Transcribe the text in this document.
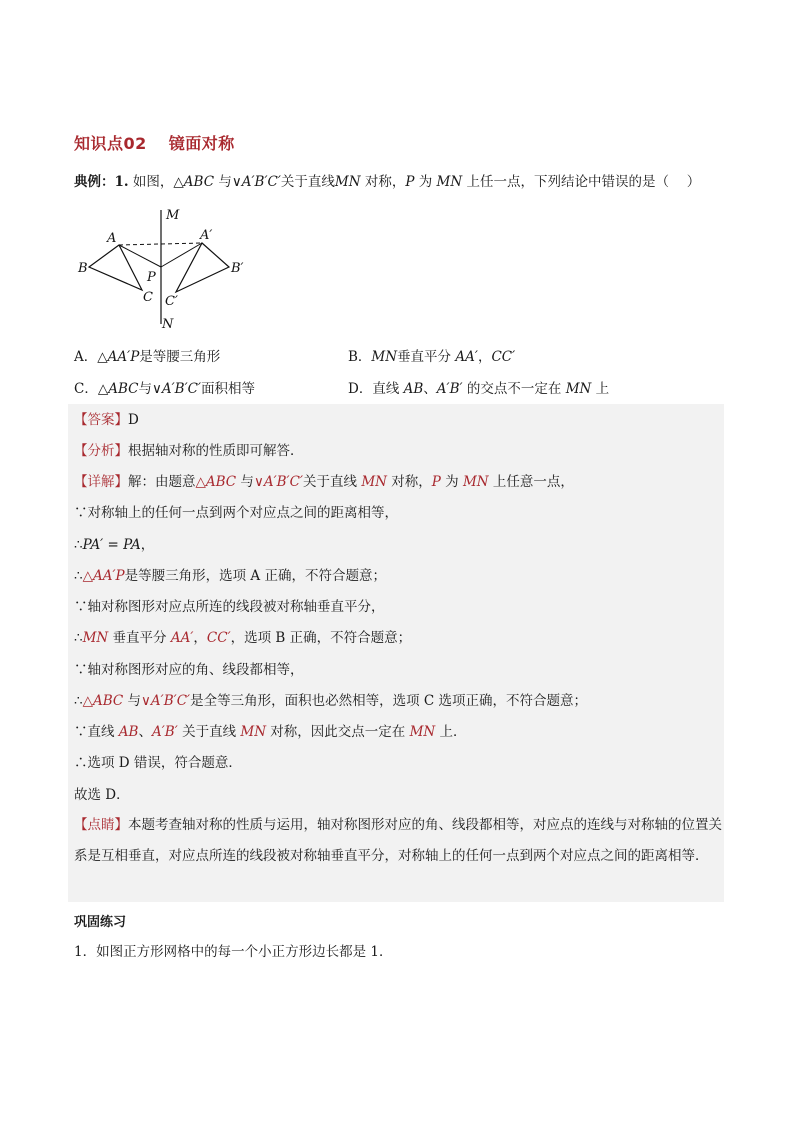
知识点02 镜面对称
典例：1. 如图，△ABC 与∨A′B′C′关于直线MN 对称，P 为 MN 上任一点，下列结论中错误的是（　 ）
M
N
A	A′
B	B′
C C′
P
A．△AA′P是等腰三角形	B．MN垂直平分 AA′，CC′
C．△ABC与∨A′B′C′面积相等	D．直线 AB、A′B′ 的交点不一定在 MN 上
【答案】D
【分析】根据轴对称的性质即可解答．
【详解】解：由题意△ABC 与∨A′B′C′关于直线 MN 对称，P 为 MN 上任意一点，
∵对称轴上的任何一点到两个对应点之间的距离相等，
∴PA′ = PA，
∴△AA′P是等腰三角形，选项 A 正确，不符合题意；
∵轴对称图形对应点所连的线段被对称轴垂直平分，
∴MN 垂直平分 AA′，CC′，选项 B 正确，不符合题意；
∵轴对称图形对应的角、线段都相等，
∴△ABC 与∨A′B′C′是全等三角形，面积也必然相等，选项 C 选项正确，不符合题意；
∵直线 AB、A′B′ 关于直线 MN 对称，因此交点一定在 MN 上．
∴选项 D 错误，符合题意．
故选 D．
【点睛】本题考查轴对称的性质与运用，轴对称图形对应的角、线段都相等，对应点的连线与对称轴的位置关系是互相垂直，对应点所连的线段被对称轴垂直平分，对称轴上的任何一点到两个对应点之间的距离相等．
巩固练习
1．如图正方形网格中的每一个小正方形边长都是 1．
